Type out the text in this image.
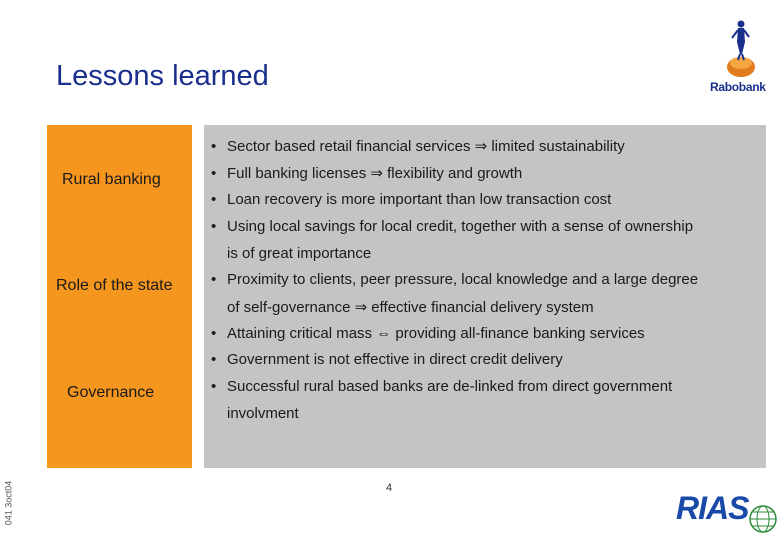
Lessons learned	Rabobank
Rural banking
Role of the state
Governance
• Sector based retail financial services ⇒ limited sustainability
• Full banking licenses ⇒ flexibility and growth
• Loan recovery is more important than low transaction cost
• Using local savings for local credit, together with a sense of ownership
is of great importance
• Proximity to clients, peer pressure, local knowledge and a large degree
of self-governance ⇒ effective financial delivery system
• Attaining critical mass ⇔ providing all-finance banking services
• Government is not effective in direct credit delivery
• Successful rural based banks are de-linked from direct government
involvment
041 3oct04	4
RIAS
